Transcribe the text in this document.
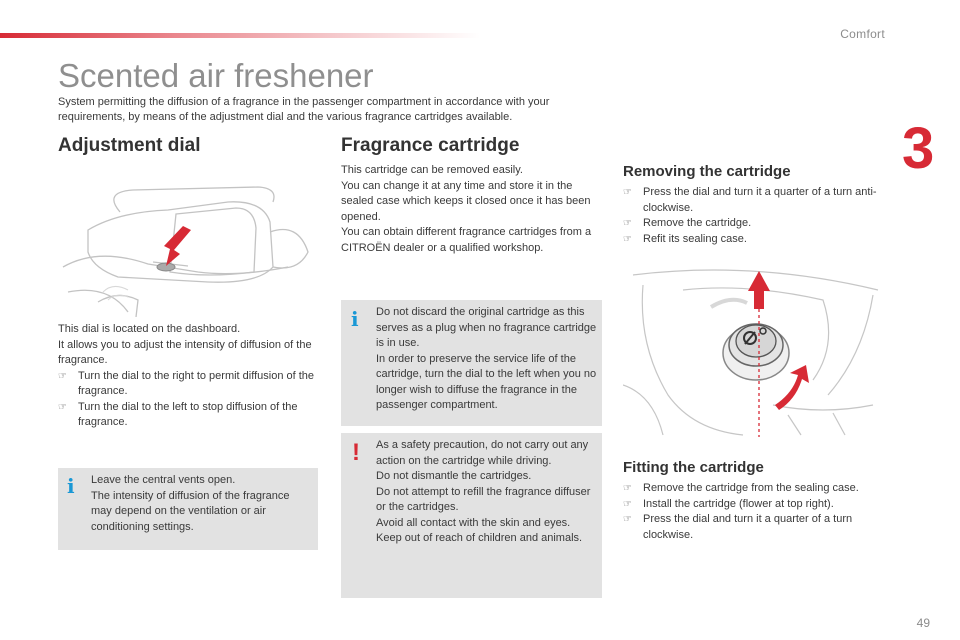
Comfort
3
Scented air freshener
System permitting the diffusion of a fragrance in the passenger compartment in accordance with your requirements, by means of the adjustment dial and the various fragrance cartridges available.
Adjustment dial

This dial is located on the dashboard.

It allows you to adjust the intensity of diffusion of the fragrance.

☞ Turn the dial to the right to permit diffusion of the fragrance.

☞ Turn the dial to the left to stop diffusion of the fragrance.

i Leave the central vents open.

The intensity of diffusion of the fragrance may depend on the ventilation or air conditioning settings.

Fragrance cartridge

This cartridge can be removed easily.

You can change it at any time and store it in the sealed case which keeps it closed once it has been opened.

You can obtain different fragrance cartridges from a CITROËN dealer or a qualified workshop.

i Do not discard the original cartridge as this serves as a plug when no fragrance cartridge is in use.

In order to preserve the service life of the cartridge, turn the dial to the left when you no longer wish to diffuse the fragrance in the passenger compartment.

! As a safety precaution, do not carry out any action on the cartridge while driving.

Do not dismantle the cartridges.

Do not attempt to refill the fragrance diffuser or the cartridges.

Avoid all contact with the skin and eyes.

Keep out of reach of children and animals.

Removing the cartridge

☞ Press the dial and turn it a quarter of a turn anti-clockwise.

☞ Remove the cartridge.

☞ Refit its sealing case.

Fitting the cartridge

☞ Remove the cartridge from the sealing case.

☞ Install the cartridge (flower at top right).

☞ Press the dial and turn it a quarter of a turn clockwise.

49
